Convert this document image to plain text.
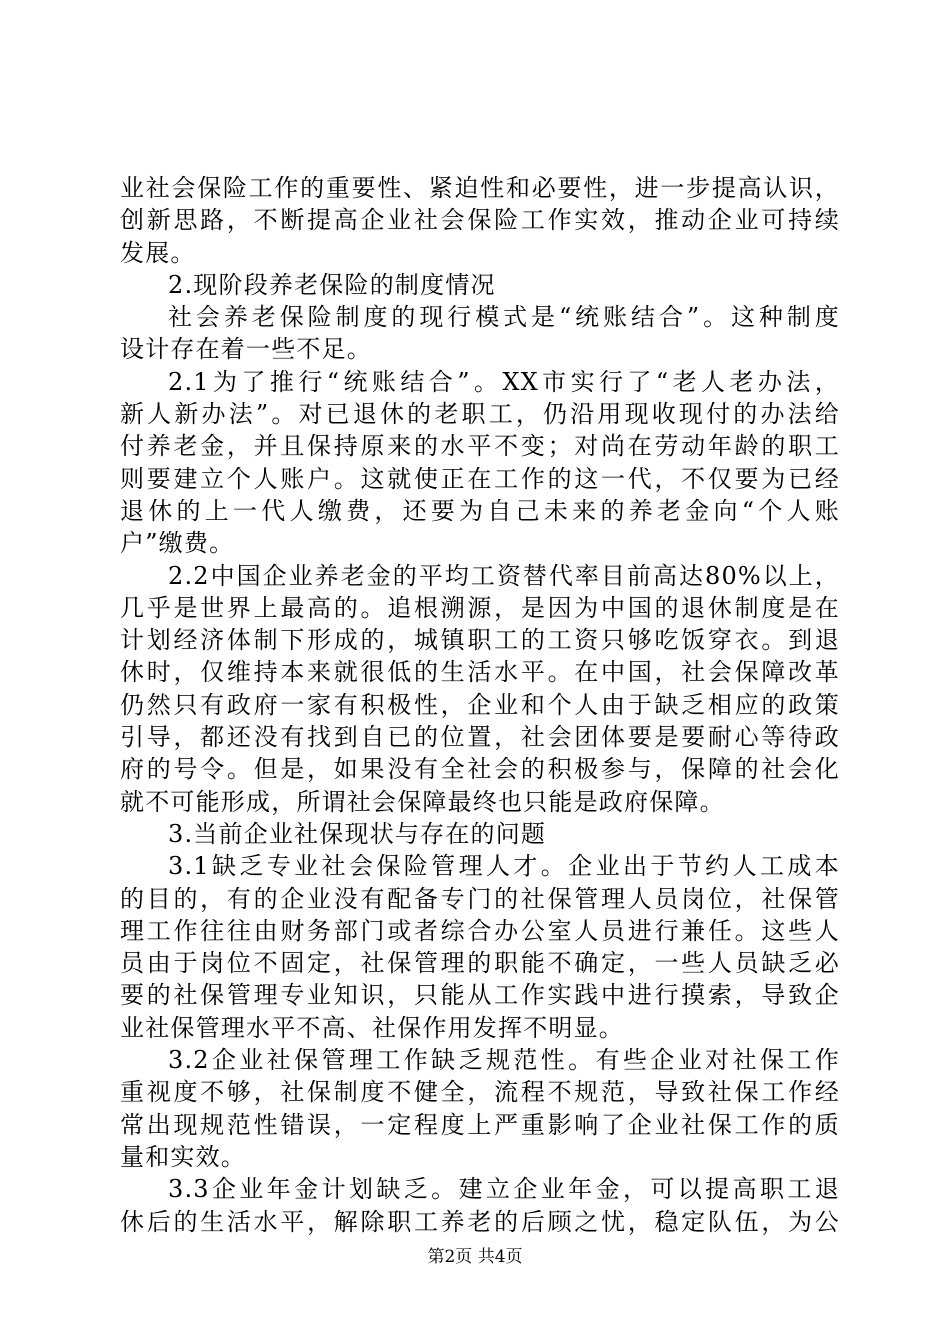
业社会保险工作的重要性、紧迫性和必要性，进一步提高认识，
创新思路，不断提高企业社会保险工作实效，推动企业可持续
发展。
2.现阶段养老保险的制度情况
社会养老保险制度的现行模式是“统账结合”。这种制度
设计存在着一些不足。
2.1为了推行“统账结合”。XX市实行了“老人老办法，
新人新办法”。对已退休的老职工，仍沿用现收现付的办法给
付养老金，并且保持原来的水平不变；对尚在劳动年龄的职工
则要建立个人账户。这就使正在工作的这一代，不仅要为已经
退休的上一代人缴费，还要为自己未来的养老金向“个人账
户”缴费。
2.2中国企业养老金的平均工资替代率目前高达80%以上，
几乎是世界上最高的。追根溯源，是因为中国的退休制度是在
计划经济体制下形成的，城镇职工的工资只够吃饭穿衣。到退
休时，仅维持本来就很低的生活水平。在中国，社会保障改革
仍然只有政府一家有积极性，企业和个人由于缺乏相应的政策
引导，都还没有找到自已的位置，社会团体要是要耐心等待政
府的号令。但是，如果没有全社会的积极参与，保障的社会化
就不可能形成，所谓社会保障最终也只能是政府保障。
3.当前企业社保现状与存在的问题
3.1缺乏专业社会保险管理人才。企业出于节约人工成本
的目的，有的企业没有配备专门的社保管理人员岗位，社保管
理工作往往由财务部门或者综合办公室人员进行兼任。这些人
员由于岗位不固定，社保管理的职能不确定，一些人员缺乏必
要的社保管理专业知识，只能从工作实践中进行摸索，导致企
业社保管理水平不高、社保作用发挥不明显。
3.2企业社保管理工作缺乏规范性。有些企业对社保工作
重视度不够，社保制度不健全，流程不规范，导致社保工作经
常出现规范性错误，一定程度上严重影响了企业社保工作的质
量和实效。
3.3企业年金计划缺乏。建立企业年金，可以提高职工退
休后的生活水平，解除职工养老的后顾之忧，稳定队伍，为公
第2页 共4页
